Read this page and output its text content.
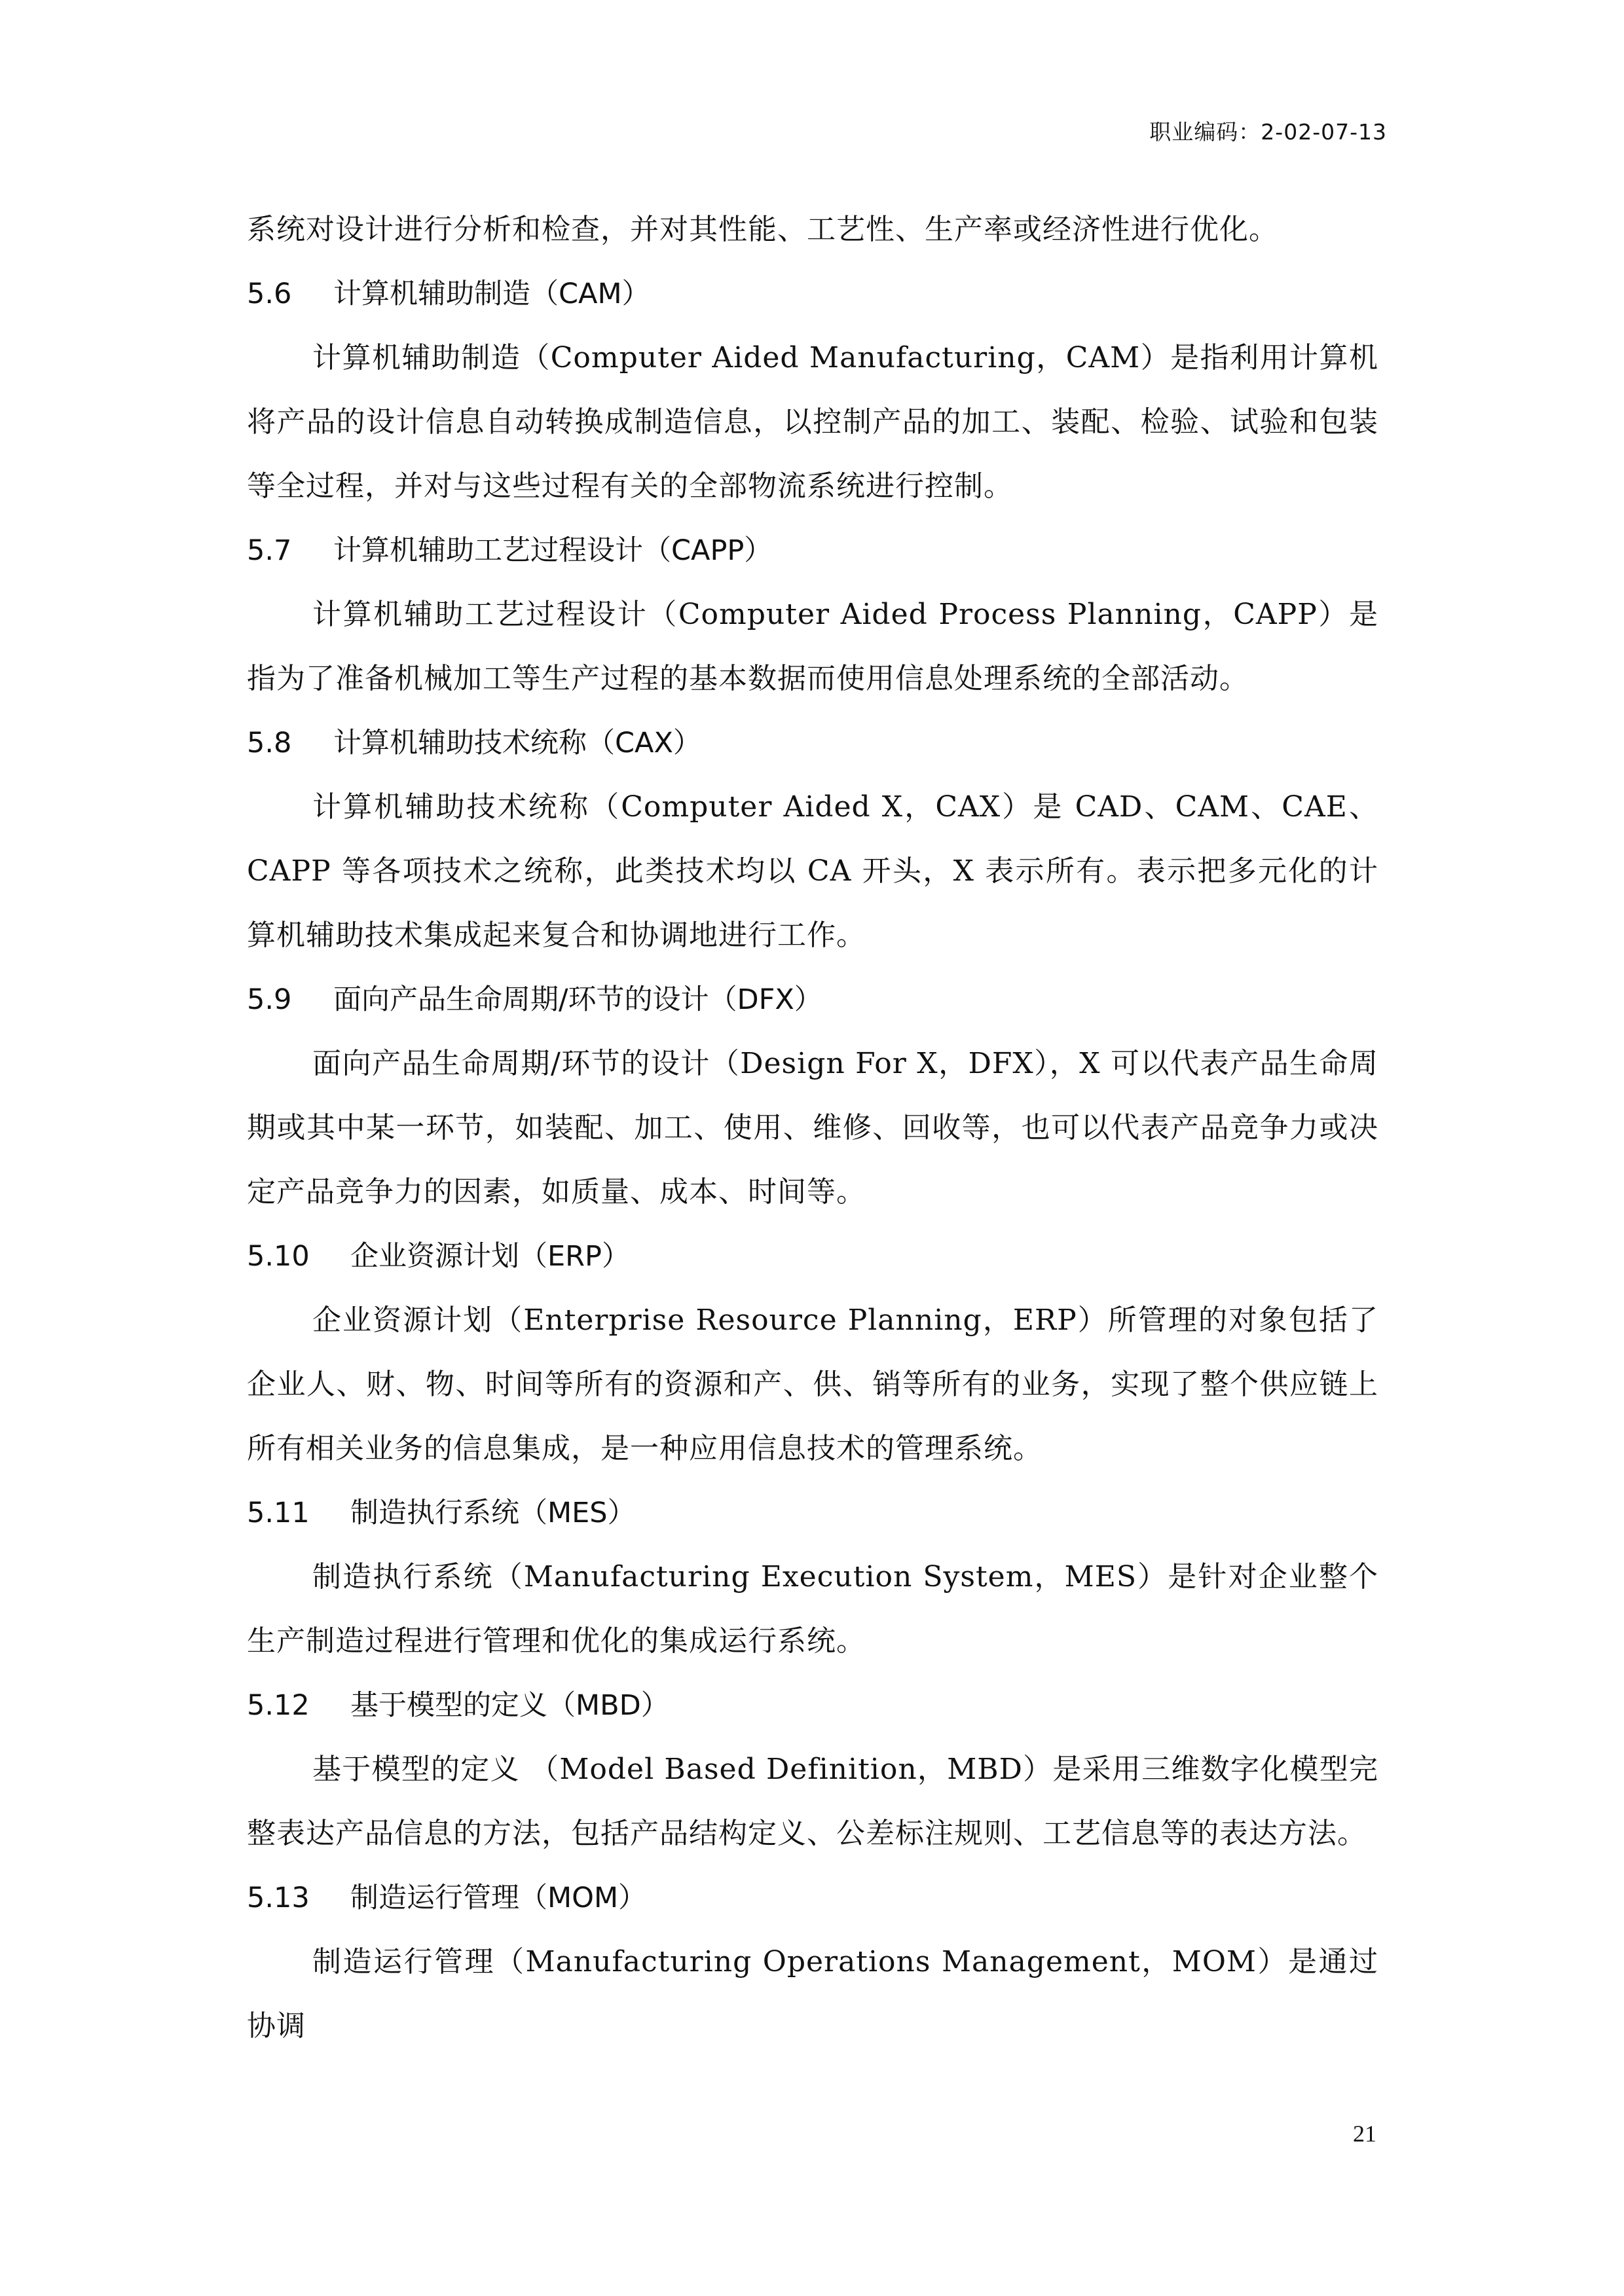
职业编码：2-02-07-13

系统对设计进行分析和检查，并对其性能、工艺性、生产率或经济性进行优化。

5.6 计算机辅助制造（CAM）

计算机辅助制造（Computer Aided Manufacturing，CAM）是指利用计算机将产品的设计信息自动转换成制造信息，以控制产品的加工、装配、检验、试验和包装等全过程，并对与这些过程有关的全部物流系统进行控制。

5.7 计算机辅助工艺过程设计（CAPP）

计算机辅助工艺过程设计（Computer Aided Process Planning，CAPP）是指为了准备机械加工等生产过程的基本数据而使用信息处理系统的全部活动。

5.8 计算机辅助技术统称（CAX）

计算机辅助技术统称（Computer Aided X，CAX）是 CAD、CAM、CAE、CAPP 等各项技术之统称，此类技术均以 CA 开头，X 表示所有。表示把多元化的计算机辅助技术集成起来复合和协调地进行工作。

5.9 面向产品生命周期/环节的设计（DFX）

面向产品生命周期/环节的设计（Design For X，DFX），X 可以代表产品生命周期或其中某一环节，如装配、加工、使用、维修、回收等，也可以代表产品竞争力或决定产品竞争力的因素，如质量、成本、时间等。

5.10 企业资源计划（ERP）

企业资源计划（Enterprise Resource Planning，ERP）所管理的对象包括了企业人、财、物、时间等所有的资源和产、供、销等所有的业务，实现了整个供应链上所有相关业务的信息集成，是一种应用信息技术的管理系统。

5.11 制造执行系统（MES）

制造执行系统（Manufacturing Execution System，MES）是针对企业整个生产制造过程进行管理和优化的集成运行系统。

5.12 基于模型的定义（MBD）

基于模型的定义 （Model Based Definition，MBD）是采用三维数字化模型完整表达产品信息的方法，包括产品结构定义、公差标注规则、工艺信息等的表达方法。

5.13 制造运行管理（MOM）

制造运行管理（Manufacturing Operations Management，MOM）是通过协调

21
